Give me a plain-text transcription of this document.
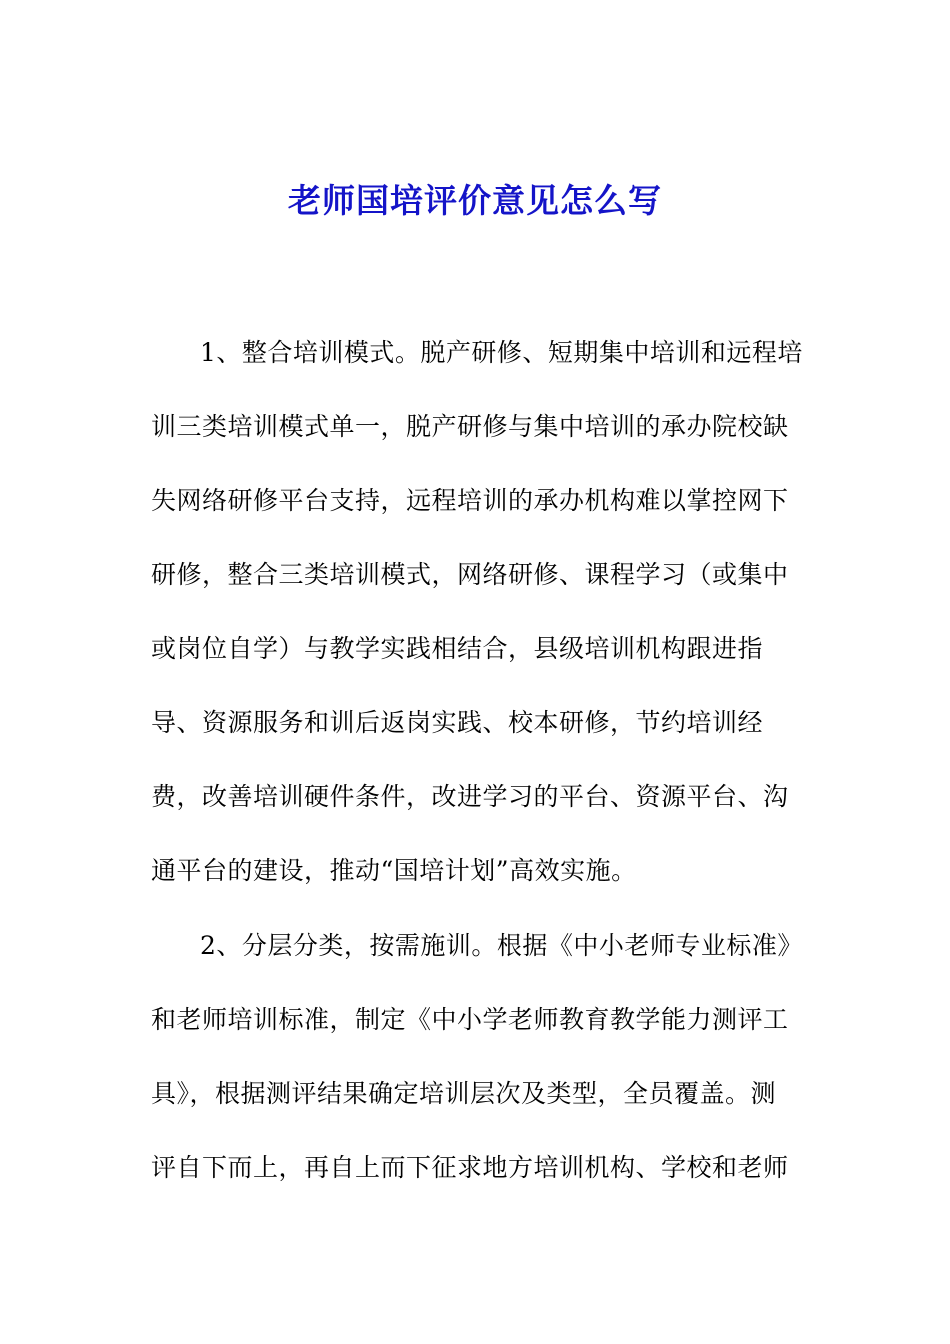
老师国培评价意见怎么写
1、整合培训模式。脱产研修、短期集中培训和远程培
训三类培训模式单一，脱产研修与集中培训的承办院校缺
失网络研修平台支持，远程培训的承办机构难以掌控网下
研修，整合三类培训模式，网络研修、课程学习（或集中
或岗位自学）与教学实践相结合，县级培训机构跟进指
导、资源服务和训后返岗实践、校本研修，节约培训经
费，改善培训硬件条件，改进学习的平台、资源平台、沟
通平台的建设，推动“国培计划”高效实施。
2、分层分类，按需施训。根据《中小老师专业标准》
和老师培训标准，制定《中小学老师教育教学能力测评工
具》，根据测评结果确定培训层次及类型，全员覆盖。测
评自下而上，再自上而下征求地方培训机构、学校和老师
